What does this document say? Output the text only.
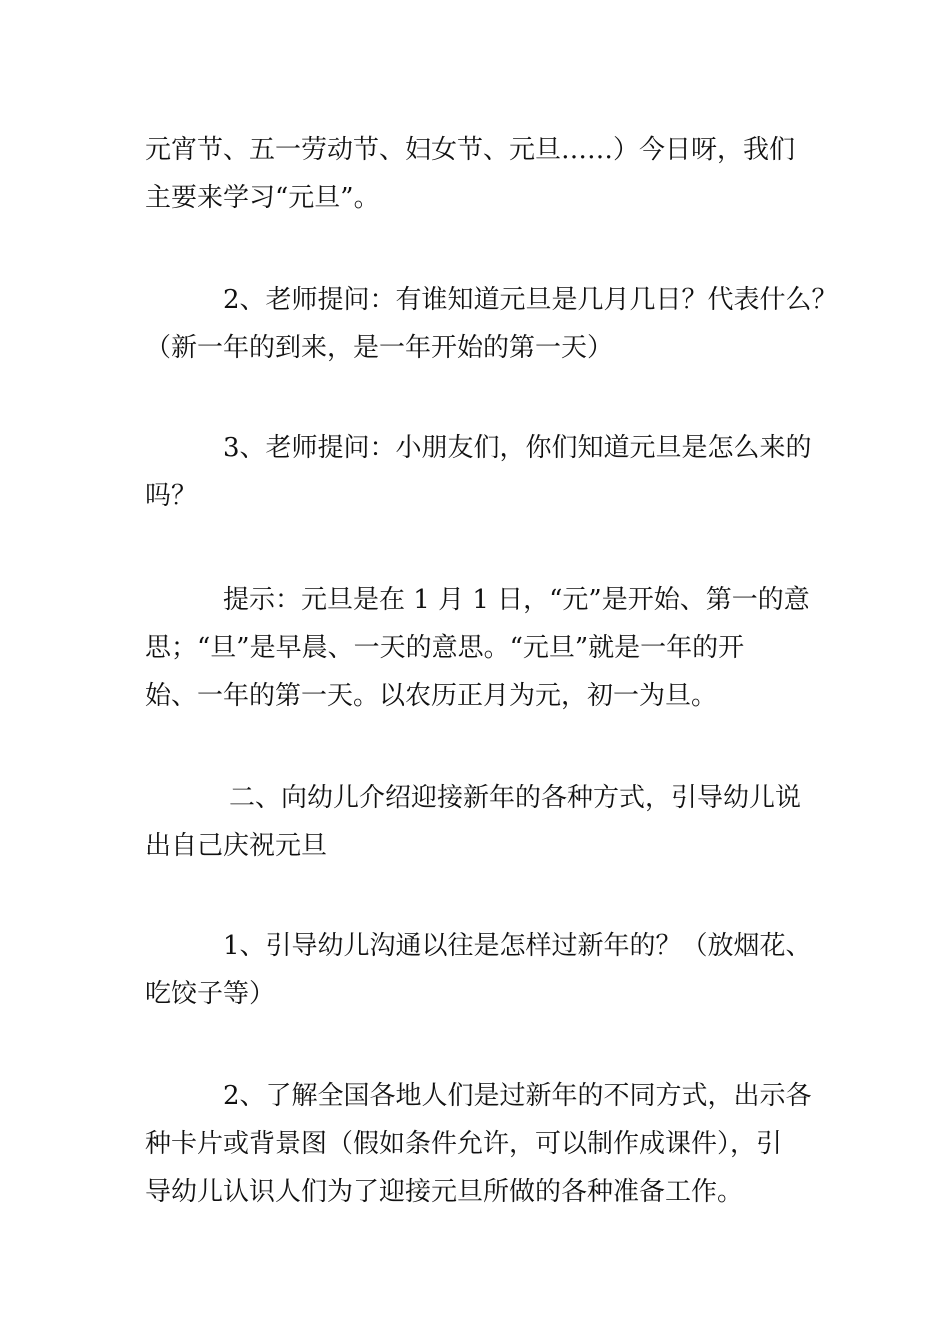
元宵节、五一劳动节、妇女节、元旦……）今日呀，我们
主要来学习“元旦”。

2、老师提问：有谁知道元旦是几月几日？代表什么？
（新一年的到来，是一年开始的第一天）

3、老师提问：小朋友们，你们知道元旦是怎么来的
吗？

提示：元旦是在 1 月 1 日，“元”是开始、第一的意
思；“旦”是早晨、一天的意思。“元旦”就是一年的开
始、一年的第一天。以农历正月为元，初一为旦。

二、向幼儿介绍迎接新年的各种方式，引导幼儿说
出自己庆祝元旦

1、引导幼儿沟通以往是怎样过新年的？（放烟花、
吃饺子等）

2、了解全国各地人们是过新年的不同方式，出示各
种卡片或背景图（假如条件允许，可以制作成课件），引
导幼儿认识人们为了迎接元旦所做的各种准备工作。
